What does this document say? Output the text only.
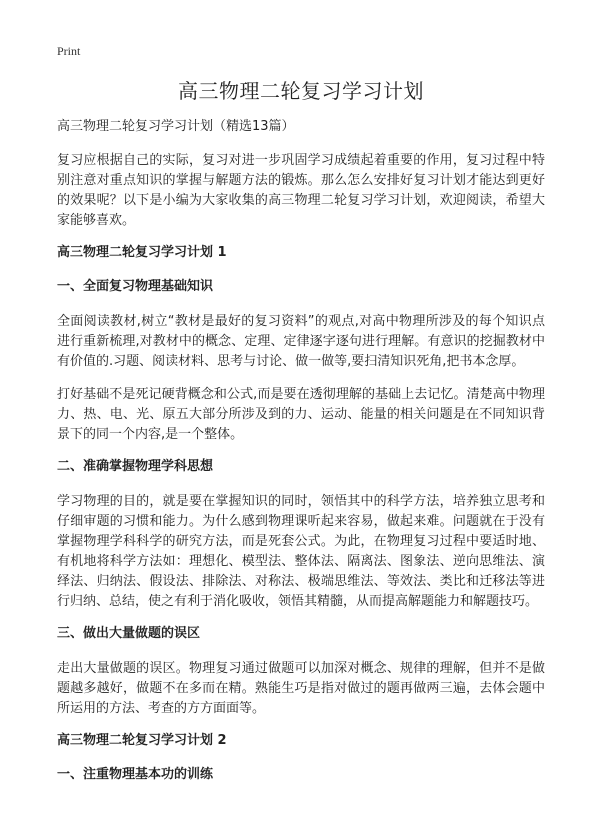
Print
高三物理二轮复习学习计划

高三物理二轮复习学习计划（精选13篇）

复习应根据自己的实际，复习对进一步巩固学习成绩起着重要的作用，复习过程中特别注意对重点知识的掌握与解题方法的锻炼。那么怎么安排好复习计划才能达到更好的效果呢？以下是小编为大家收集的高三物理二轮复习学习计划，欢迎阅读，希望大家能够喜欢。

高三物理二轮复习学习计划 1
一、全面复习物理基础知识

全面阅读教材,树立“教材是最好的复习资料”的观点,对高中物理所涉及的每个知识点进行重新梳理,对教材中的概念、定理、定律逐字逐句进行理解。有意识的挖掘教材中有价值的.习题、阅读材料、思考与讨论、做一做等,要扫清知识死角,把书本念厚。

打好基础不是死记硬背概念和公式,而是要在透彻理解的基础上去记忆。清楚高中物理力、热、电、光、原五大部分所涉及到的力、运动、能量的相关问题是在不同知识背景下的同一个内容,是一个整体。

二、准确掌握物理学科思想

学习物理的目的，就是要在掌握知识的同时，领悟其中的科学方法，培养独立思考和仔细审题的习惯和能力。为什么感到物理课听起来容易，做起来难。问题就在于没有掌握物理学科科学的研究方法，而是死套公式。为此，在物理复习过程中要适时地、有机地将科学方法如：理想化、模型法、整体法、隔离法、图象法、逆向思维法、演绎法、归纳法、假设法、排除法、对称法、极端思维法、等效法、类比和迁移法等进行归纳、总结，使之有利于消化吸收，领悟其精髓，从而提高解题能力和解题技巧。

三、做出大量做题的误区

走出大量做题的误区。物理复习通过做题可以加深对概念、规律的理解，但并不是做题越多越好，做题不在多而在精。熟能生巧是指对做过的题再做两三遍，去体会题中所运用的方法、考查的方方面面等。

高三物理二轮复习学习计划 2
一、注重物理基本功的训练
